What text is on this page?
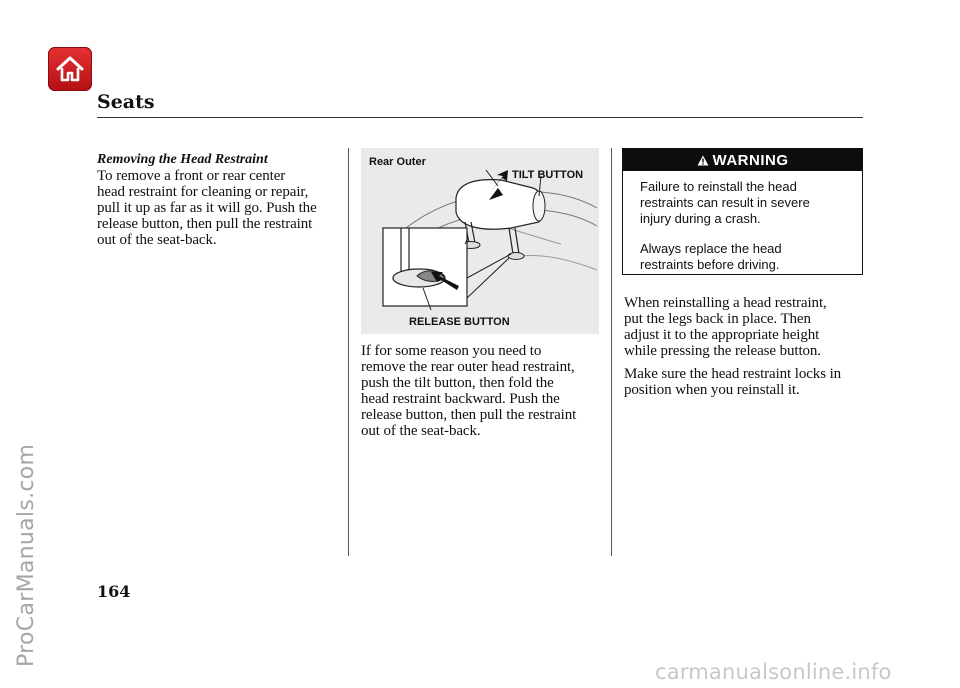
Seats
Removing the Head Restraint

To remove a front or rear center

head restraint for cleaning or repair,

pull it up as far as it will go. Push the

release button, then pull the restraint

out of the seat-back.

Rear Outer

TILT BUTTON

RELEASE BUTTON

If for some reason you need to

remove the rear outer head restraint,

push the tilt button, then fold the

head restraint backward. Push the

release button, then pull the restraint

out of the seat-back.

WARNING

Failure to reinstall the head

restraints can result in severe

injury during a crash.

Always replace the head

restraints before driving.

When reinstalling a head restraint,

put the legs back in place. Then

adjust it to the appropriate height

while pressing the release button.

Make sure the head restraint locks in

position when you reinstall it.

164

ProCarManuals.com

carmanualsonline.info
